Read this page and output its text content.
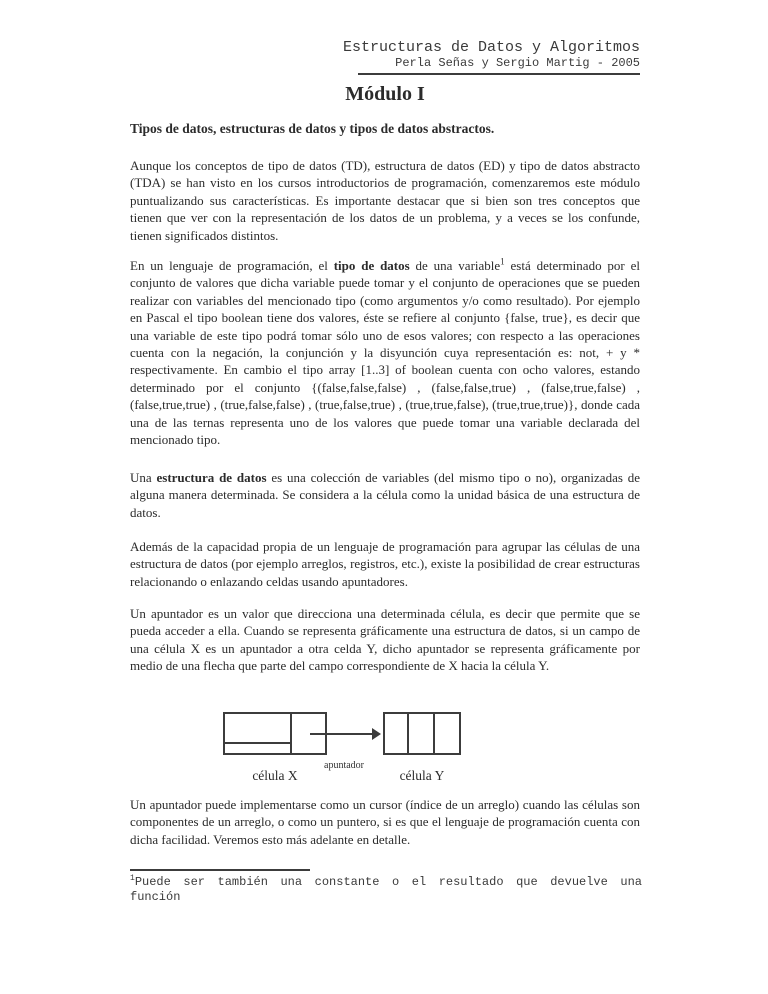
Estructuras de Datos y Algoritmos
Perla Señas y Sergio Martig - 2005
Módulo I
Tipos de datos, estructuras de datos y tipos de datos abstractos.
Aunque los conceptos de tipo de datos (TD), estructura de datos (ED) y tipo de datos abstracto (TDA) se han visto en los cursos introductorios de programación, comenzaremos este módulo puntualizando sus características. Es importante destacar que si bien son tres conceptos que tienen que ver con la representación de los datos de un problema, y a veces se los confunde, tienen significados distintos.
En un lenguaje de programación, el tipo de datos de una variable$^1$ está determinado por el conjunto de valores que dicha variable puede tomar y el conjunto de operaciones que se pueden realizar con variables del mencionado tipo (como argumentos y/o como resultado). Por ejemplo en Pascal el tipo boolean tiene dos valores, éste se refiere al conjunto {false, true}, es decir que una variable de este tipo podrá tomar sólo uno de esos valores; con respecto a las operaciones cuenta con la negación, la conjunción y la disyunción cuya representación es: not, + y * respectivamente. En cambio el tipo array [1..3] of boolean cuenta con ocho valores, estando determinado por el conjunto {(false,false,false) , (false,false,true) , (false,true,false) , (false,true,true) , (true,false,false) , (true,false,true) , (true,true,false), (true,true,true)}, donde cada una de las ternas representa uno de los valores que puede tomar una variable declarada del mencionado tipo.
Una estructura de datos es una colección de variables (del mismo tipo o no), organizadas de alguna manera determinada. Se considera a la célula como la unidad básica de una estructura de datos.
Además de la capacidad propia de un lenguaje de programación para agrupar las células de una estructura de datos (por ejemplo arreglos, registros, etc.), existe la posibilidad de crear estructuras relacionando o enlazando celdas usando apuntadores.
Un apuntador es un valor que direcciona una determinada célula, es decir que permite que se pueda acceder a ella. Cuando se representa gráficamente una estructura de datos, si un campo de una célula X es un apuntador a otra celda Y, dicho apuntador se representa gráficamente por medio de una flecha que parte del campo correspondiente de X hacia la célula Y.
apuntador
célula X	célula Y
Un apuntador puede implementarse como un cursor (índice de un arreglo) cuando las células son componentes de un arreglo, o como un puntero, si es que el lenguaje de programación cuenta con dicha facilidad. Veremos esto más adelante en detalle.
$^1$Puede ser también una constante o el resultado que devuelve una función
